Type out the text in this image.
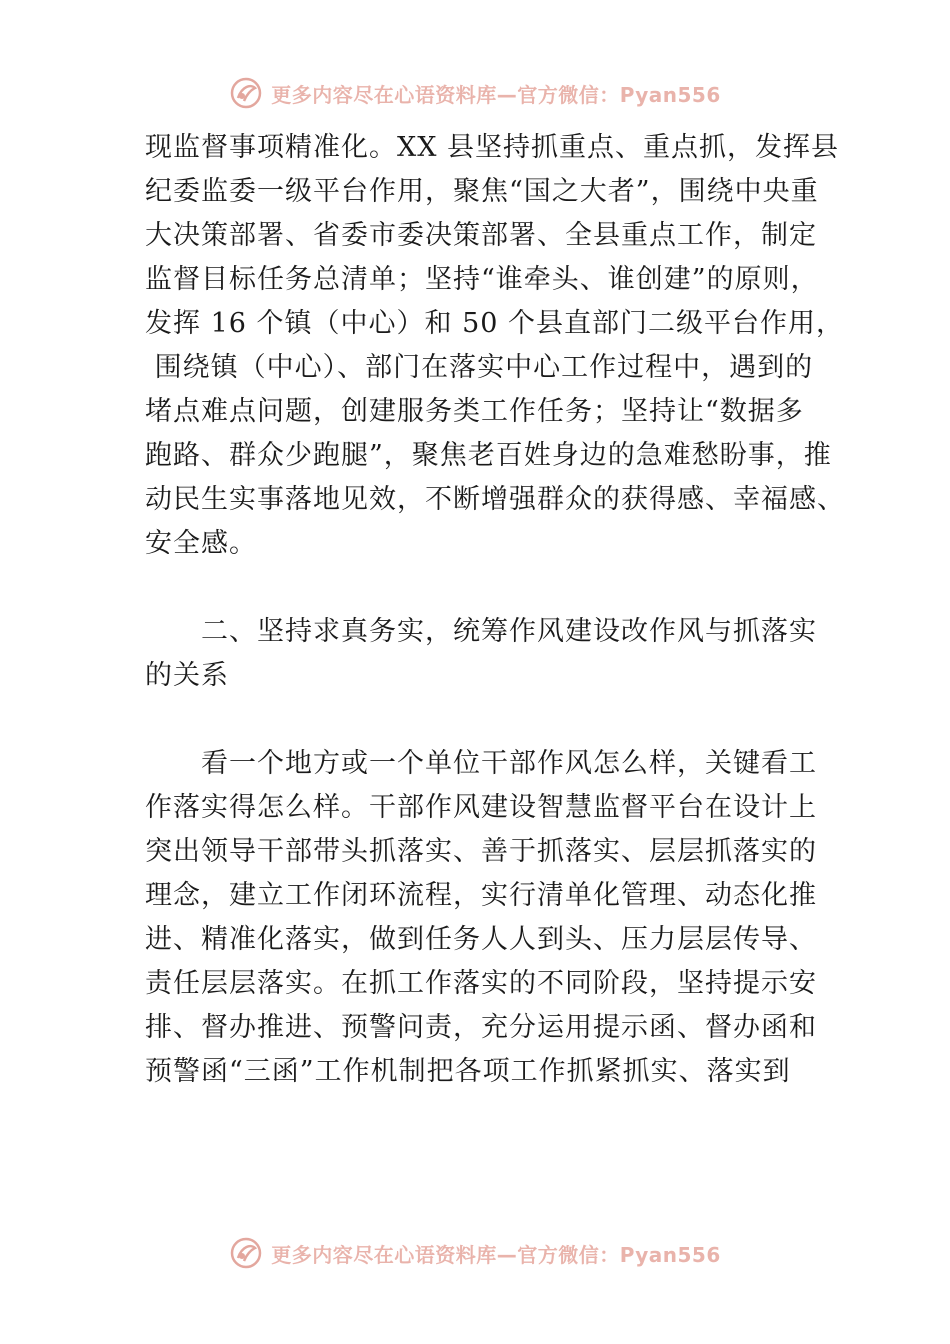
更多内容尽在心语资料库—官方微信：Pyan556
现监督事项精准化。XX 县坚持抓重点、重点抓，发挥县
纪委监委一级平台作用，聚焦“国之大者”，围绕中央重
大决策部署、省委市委决策部署、全县重点工作，制定
监督目标任务总清单；坚持“谁牵头、谁创建”的原则，
发挥 16 个镇（中心）和 50 个县直部门二级平台作用，
围绕镇（中心）、部门在落实中心工作过程中，遇到的
堵点难点问题，创建服务类工作任务；坚持让“数据多
跑路、群众少跑腿”，聚焦老百姓身边的急难愁盼事，推
动民生实事落地见效，不断增强群众的获得感、幸福感、
安全感。
　　二、坚持求真务实，统筹作风建设改作风与抓落实
的关系
　　看一个地方或一个单位干部作风怎么样，关键看工
作落实得怎么样。干部作风建设智慧监督平台在设计上
突出领导干部带头抓落实、善于抓落实、层层抓落实的
理念，建立工作闭环流程，实行清单化管理、动态化推
进、精准化落实，做到任务人人到头、压力层层传导、
责任层层落实。在抓工作落实的不同阶段，坚持提示安
排、督办推进、预警问责，充分运用提示函、督办函和
预警函“三函”工作机制把各项工作抓紧抓实、落实到
更多内容尽在心语资料库—官方微信：Pyan556
